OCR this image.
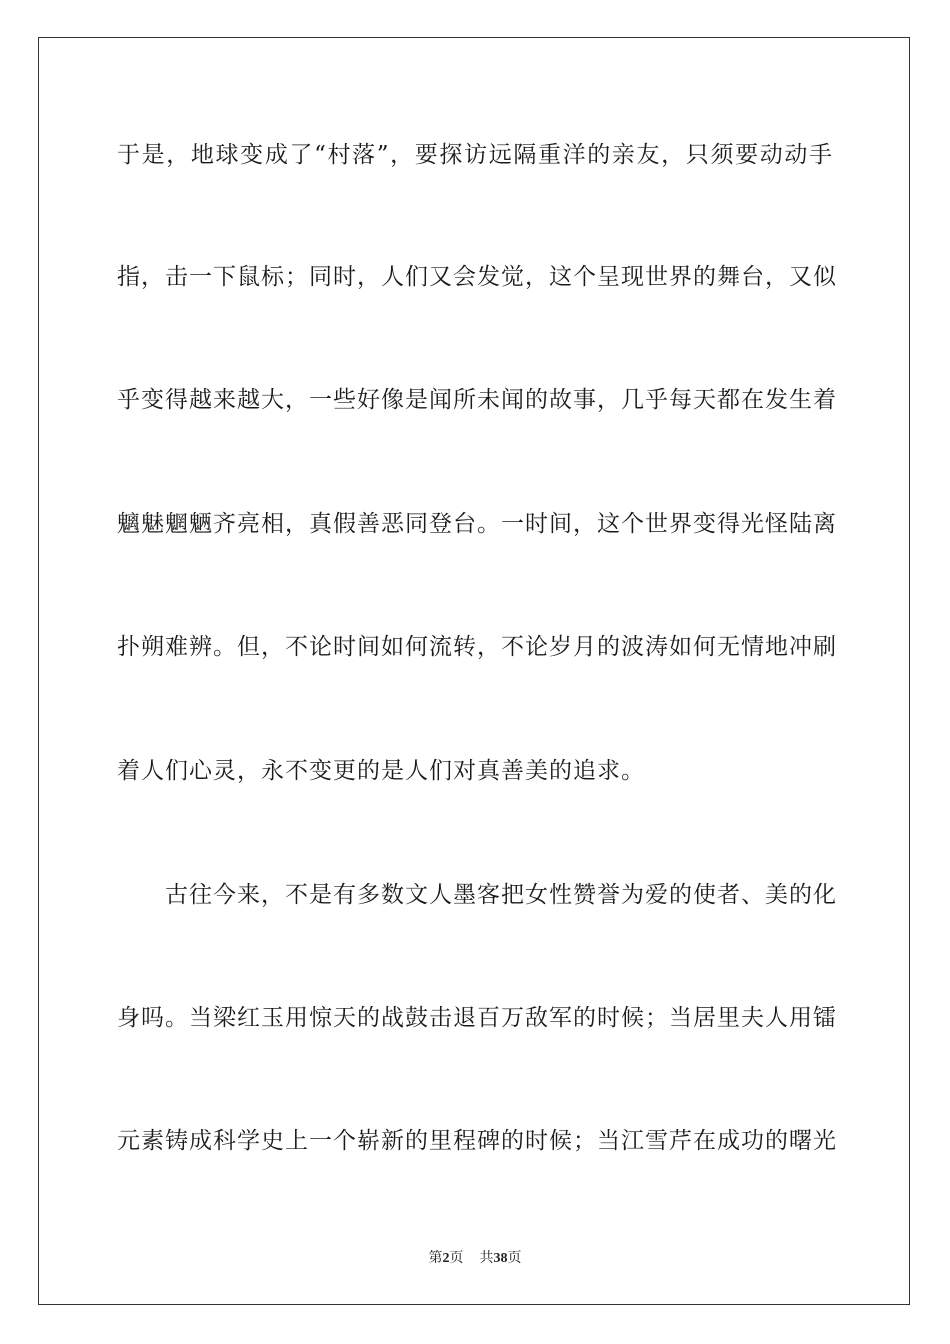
于是，地球变成了“村落”，要探访远隔重洋的亲友，只须要动动手
指，击一下鼠标；同时，人们又会发觉，这个呈现世界的舞台，又似
乎变得越来越大，一些好像是闻所未闻的故事，几乎每天都在发生着
魑魅魍魉齐亮相，真假善恶同登台。一时间，这个世界变得光怪陆离
扑朔难辨。但，不论时间如何流转，不论岁月的波涛如何无情地冲刷
着人们心灵，永不变更的是人们对真善美的追求。
古往今来，不是有多数文人墨客把女性赞誉为爱的使者、美的化
身吗。当梁红玉用惊天的战鼓击退百万敌军的时候；当居里夫人用镭
元素铸成科学史上一个崭新的里程碑的时候；当江雪芹在成功的曙光
第2页 共38页
